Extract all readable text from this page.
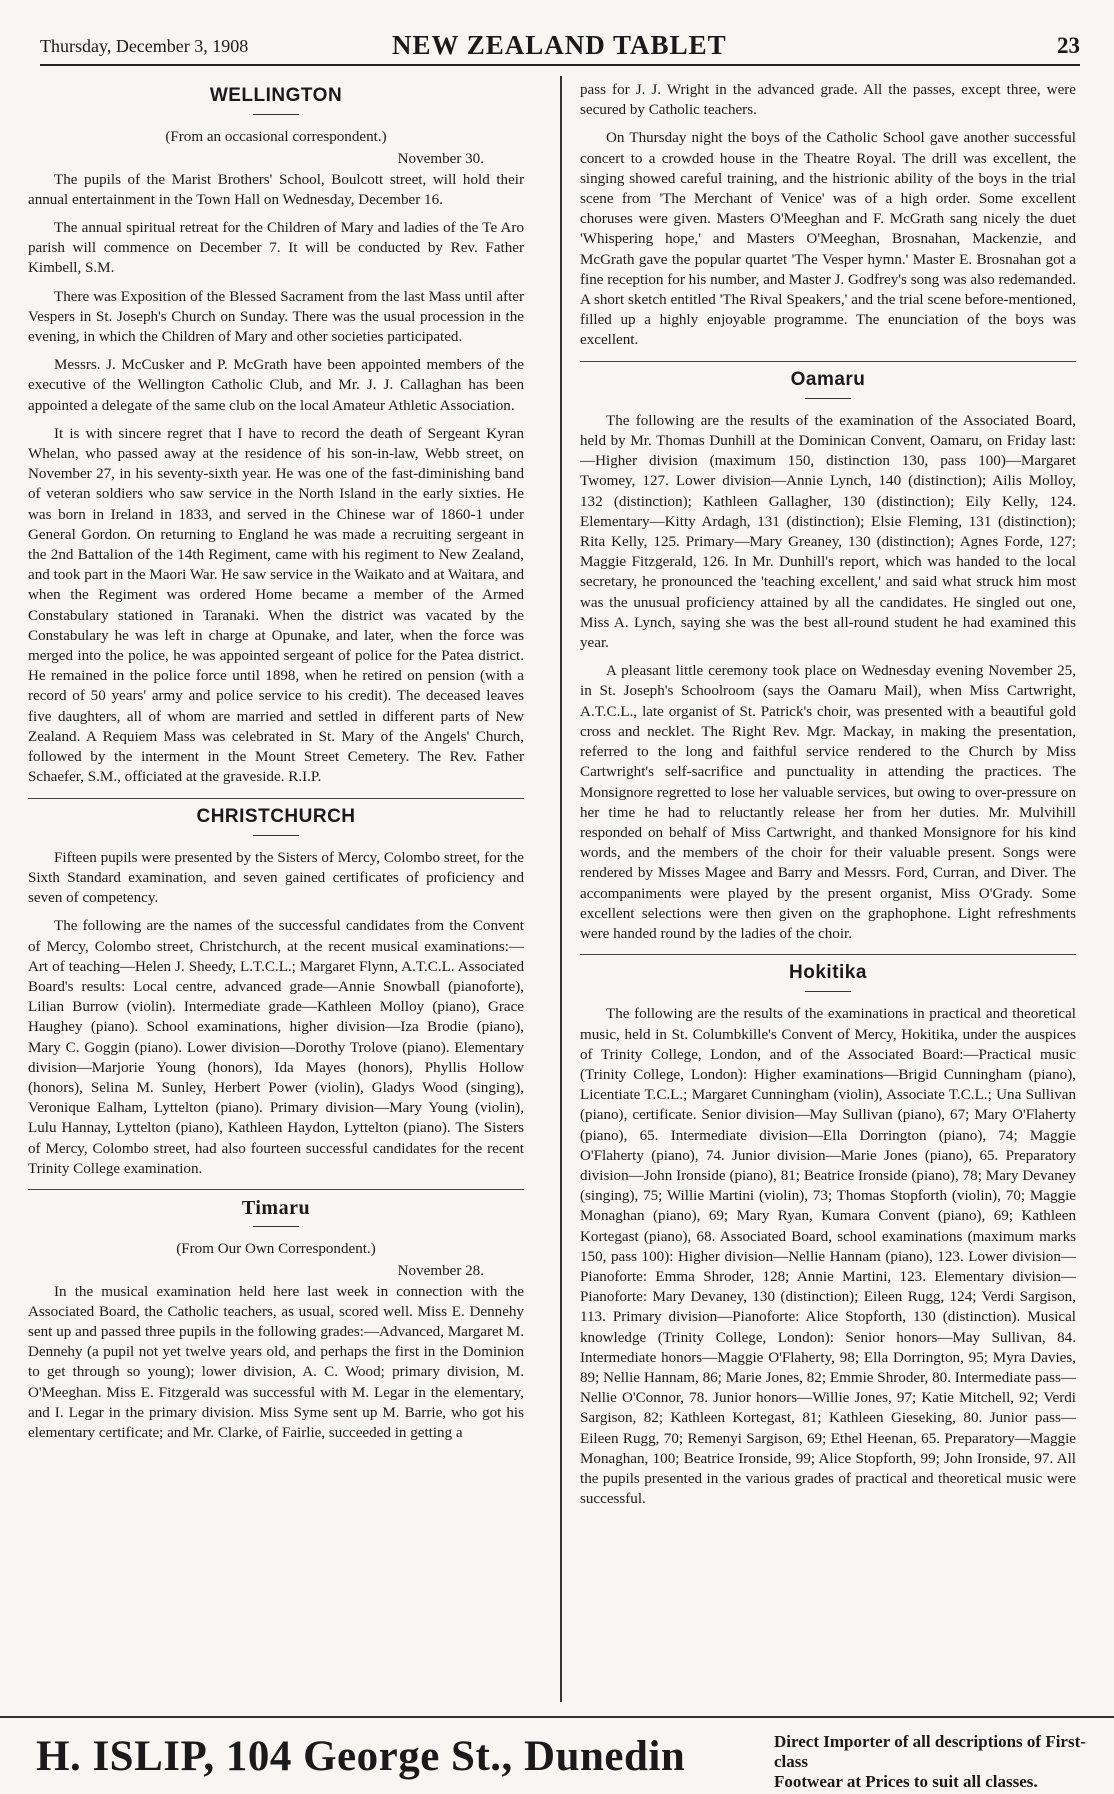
Thursday, December 3, 1908	NEW ZEALAND TABLET	23
WELLINGTON

(From an occasional correspondent.)

November 30.

The pupils of the Marist Brothers' School, Boulcott street, will hold their annual entertainment in the Town Hall on Wednesday, December 16.

The annual spiritual retreat for the Children of Mary and ladies of the Te Aro parish will commence on December 7. It will be conducted by Rev. Father Kimbell, S.M.

There was Exposition of the Blessed Sacrament from the last Mass until after Vespers in St. Joseph's Church on Sunday. There was the usual procession in the evening, in which the Children of Mary and other societies participated.

Messrs. J. McCusker and P. McGrath have been appointed members of the executive of the Wellington Catholic Club, and Mr. J. J. Callaghan has been appointed a delegate of the same club on the local Amateur Athletic Association.

It is with sincere regret that I have to record the death of Sergeant Kyran Whelan, who passed away at the residence of his son-in-law, Webb street, on November 27, in his seventy-sixth year. He was one of the fast-diminishing band of veteran soldiers who saw service in the North Island in the early sixties. He was born in Ireland in 1833, and served in the Chinese war of 1860-1 under General Gordon. On returning to England he was made a recruiting sergeant in the 2nd Battalion of the 14th Regiment, came with his regiment to New Zealand, and took part in the Maori War. He saw service in the Waikato and at Waitara, and when the Regiment was ordered Home became a member of the Armed Constabulary stationed in Taranaki. When the district was vacated by the Constabulary he was left in charge at Opunake, and later, when the force was merged into the police, he was appointed sergeant of police for the Patea district. He remained in the police force until 1898, when he retired on pension (with a record of 50 years' army and police service to his credit). The deceased leaves five daughters, all of whom are married and settled in different parts of New Zealand. A Requiem Mass was celebrated in St. Mary of the Angels' Church, followed by the interment in the Mount Street Cemetery. The Rev. Father Schaefer, S.M., officiated at the graveside. R.I.P.

CHRISTCHURCH

Fifteen pupils were presented by the Sisters of Mercy, Colombo street, for the Sixth Standard examination, and seven gained certificates of proficiency and seven of competency.

The following are the names of the successful candidates from the Convent of Mercy, Colombo street, Christchurch, at the recent musical examinations:—Art of teaching—Helen J. Sheedy, L.T.C.L.; Margaret Flynn, A.T.C.L. Associated Board's results: Local centre, advanced grade—Annie Snowball (pianoforte), Lilian Burrow (violin). Intermediate grade—Kathleen Molloy (piano), Grace Haughey (piano). School examinations, higher division—Iza Brodie (piano), Mary C. Goggin (piano). Lower division—Dorothy Trolove (piano). Elementary division—Marjorie Young (honors), Ida Mayes (honors), Phyllis Hollow (honors), Selina M. Sunley, Herbert Power (violin), Gladys Wood (singing), Veronique Ealham, Lyttelton (piano). Primary division—Mary Young (violin), Lulu Hannay, Lyttelton (piano), Kathleen Haydon, Lyttelton (piano). The Sisters of Mercy, Colombo street, had also fourteen successful candidates for the recent Trinity College examination.

Timaru

(From Our Own Correspondent.)

November 28.

In the musical examination held here last week in connection with the Associated Board, the Catholic teachers, as usual, scored well. Miss E. Dennehy sent up and passed three pupils in the following grades:—Advanced, Margaret M. Dennehy (a pupil not yet twelve years old, and perhaps the first in the Dominion to get through so young); lower division, A. C. Wood; primary division, M. O'Meeghan. Miss E. Fitzgerald was successful with M. Legar in the elementary, and I. Legar in the primary division. Miss Syme sent up M. Barrie, who got his elementary certificate; and Mr. Clarke, of Fairlie, succeeded in getting a

pass for J. J. Wright in the advanced grade. All the passes, except three, were secured by Catholic teachers.

On Thursday night the boys of the Catholic School gave another successful concert to a crowded house in the Theatre Royal. The drill was excellent, the singing showed careful training, and the histrionic ability of the boys in the trial scene from 'The Merchant of Venice' was of a high order. Some excellent choruses were given. Masters O'Meeghan and F. McGrath sang nicely the duet 'Whispering hope,' and Masters O'Meeghan, Brosnahan, Mackenzie, and McGrath gave the popular quartet 'The Vesper hymn.' Master E. Brosnahan got a fine reception for his number, and Master J. Godfrey's song was also redemanded. A short sketch entitled 'The Rival Speakers,' and the trial scene before-mentioned, filled up a highly enjoyable programme. The enunciation of the boys was excellent.

Oamaru

The following are the results of the examination of the Associated Board, held by Mr. Thomas Dunhill at the Dominican Convent, Oamaru, on Friday last:—Higher division (maximum 150, distinction 130, pass 100)—Margaret Twomey, 127. Lower division—Annie Lynch, 140 (distinction); Ailis Molloy, 132 (distinction); Kathleen Gallagher, 130 (distinction); Eily Kelly, 124. Elementary—Kitty Ardagh, 131 (distinction); Elsie Fleming, 131 (distinction); Rita Kelly, 125. Primary—Mary Greaney, 130 (distinction); Agnes Forde, 127; Maggie Fitzgerald, 126. In Mr. Dunhill's report, which was handed to the local secretary, he pronounced the 'teaching excellent,' and said what struck him most was the unusual proficiency attained by all the candidates. He singled out one, Miss A. Lynch, saying she was the best all-round student he had examined this year.

A pleasant little ceremony took place on Wednesday evening November 25, in St. Joseph's Schoolroom (says the Oamaru Mail), when Miss Cartwright, A.T.C.L., late organist of St. Patrick's choir, was presented with a beautiful gold cross and necklet. The Right Rev. Mgr. Mackay, in making the presentation, referred to the long and faithful service rendered to the Church by Miss Cartwright's self-sacrifice and punctuality in attending the practices. The Monsignore regretted to lose her valuable services, but owing to over-pressure on her time he had to reluctantly release her from her duties. Mr. Mulvihill responded on behalf of Miss Cartwright, and thanked Monsignore for his kind words, and the members of the choir for their valuable present. Songs were rendered by Misses Magee and Barry and Messrs. Ford, Curran, and Diver. The accompaniments were played by the present organist, Miss O'Grady. Some excellent selections were then given on the graphophone. Light refreshments were handed round by the ladies of the choir.

Hokitika

The following are the results of the examinations in practical and theoretical music, held in St. Columbkille's Convent of Mercy, Hokitika, under the auspices of Trinity College, London, and of the Associated Board:—Practical music (Trinity College, London): Higher examinations—Brigid Cunningham (piano), Licentiate T.C.L.; Margaret Cunningham (violin), Associate T.C.L.; Una Sullivan (piano), certificate. Senior division—May Sullivan (piano), 67; Mary O'Flaherty (piano), 65. Intermediate division—Ella Dorrington (piano), 74; Maggie O'Flaherty (piano), 74. Junior division—Marie Jones (piano), 65. Preparatory division—John Ironside (piano), 81; Beatrice Ironside (piano), 78; Mary Devaney (singing), 75; Willie Martini (violin), 73; Thomas Stopforth (violin), 70; Maggie Monaghan (piano), 69; Mary Ryan, Kumara Convent (piano), 69; Kathleen Kortegast (piano), 68. Associated Board, school examinations (maximum marks 150, pass 100): Higher division—Nellie Hannam (piano), 123. Lower division—Pianoforte: Emma Shroder, 128; Annie Martini, 123. Elementary division—Pianoforte: Mary Devaney, 130 (distinction); Eileen Rugg, 124; Verdi Sargison, 113. Primary division—Pianoforte: Alice Stopforth, 130 (distinction). Musical knowledge (Trinity College, London): Senior honors—May Sullivan, 84. Intermediate honors—Maggie O'Flaherty, 98; Ella Dorrington, 95; Myra Davies, 89; Nellie Hannam, 86; Marie Jones, 82; Emmie Shroder, 80. Intermediate pass—Nellie O'Connor, 78. Junior honors—Willie Jones, 97; Katie Mitchell, 92; Verdi Sargison, 82; Kathleen Kortegast, 81; Kathleen Gieseking, 80. Junior pass—Eileen Rugg, 70; Remenyi Sargison, 69; Ethel Heenan, 65. Preparatory—Maggie Monaghan, 100; Beatrice Ironside, 99; Alice Stopforth, 99; John Ironside, 97. All the pupils presented in the various grades of practical and theoretical music were successful.

H. ISLIP, 104 George St., Dunedin	Direct Importer of all descriptions of First-class
Footwear at Prices to suit all classes.
